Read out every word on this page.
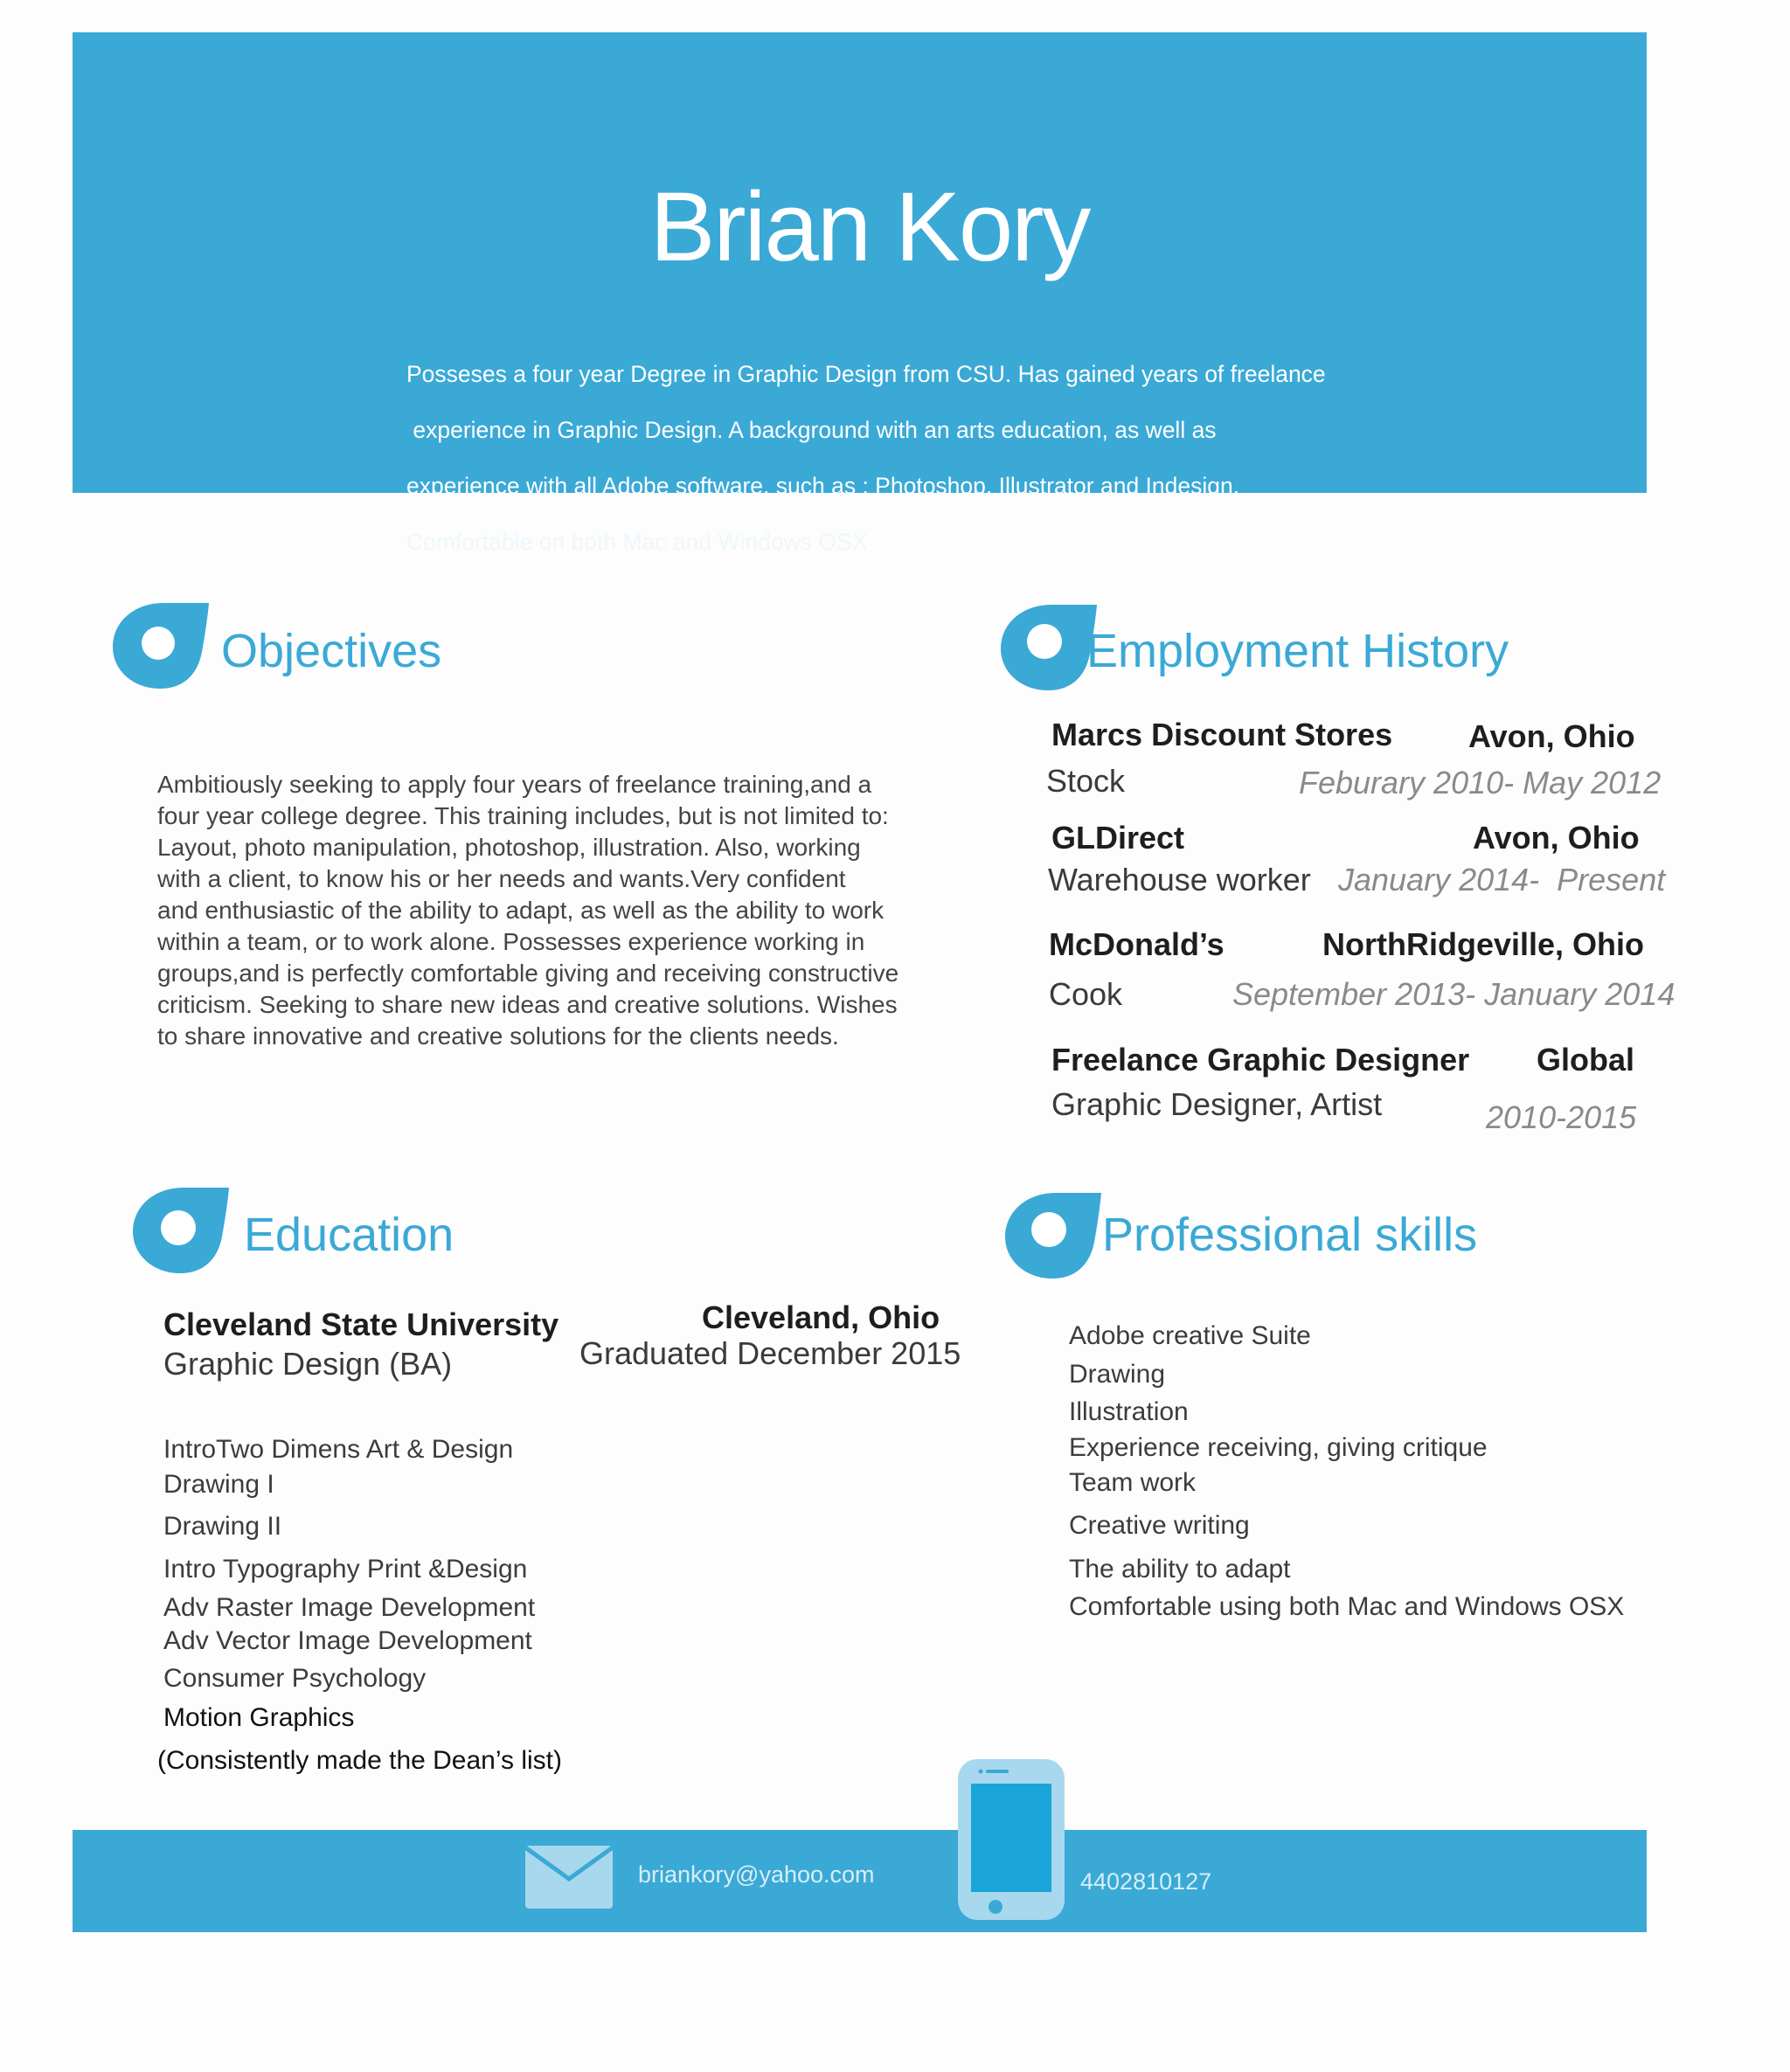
Brian Kory

Posseses a four year Degree in Graphic Design from CSU. Has gained years of freelance

experience in Graphic Design. A background with an arts education, as well as

experience with all Adobe software, such as : Photoshop, Illustrator and Indesign.

Comfortable on both Mac and Windows OSX

Objectives
Ambitiously seeking to apply four years of freelance training,and a
four year college degree. This training includes, but is not limited to:
Layout, photo manipulation, photoshop, illustration. Also, working
with a client, to know his or her needs and wants.Very confident
and enthusiastic of the ability to adapt, as well as the ability to work
within a team, or to work alone. Possesses experience working in
groups,and is perfectly comfortable giving and receiving constructive
criticism. Seeking to share new ideas and creative solutions. Wishes
to share innovative and creative solutions for the clients needs.
Employment History
Marcs Discount Stores Avon, Ohio
Stock	Feburary 2010- May 2012
GLDirect	Avon, Ohio
Warehouse worker January 2014-  Present
McDonald’s	NorthRidgeville, Ohio
Cook	September 2013- January 2014
Freelance Graphic Designer Global
Graphic Designer, Artist	2010-2015
Education
Cleveland State University
Graphic Design (BA)
Cleveland, Ohio
Graduated December 2015
IntroTwo Dimens Art & Design
Drawing I
Drawing II
Intro Typography Print &Design
Adv Raster Image Development
Adv Vector Image Development
Consumer Psychology
Motion Graphics
(Consistently made the Dean’s list)
Professional skills
Adobe creative Suite
Drawing
Illustration
Experience receiving, giving critique
Team work
Creative writing
The ability to adapt
Comfortable using both Mac and Windows OSX
briankory@yahoo.com	4402810127
